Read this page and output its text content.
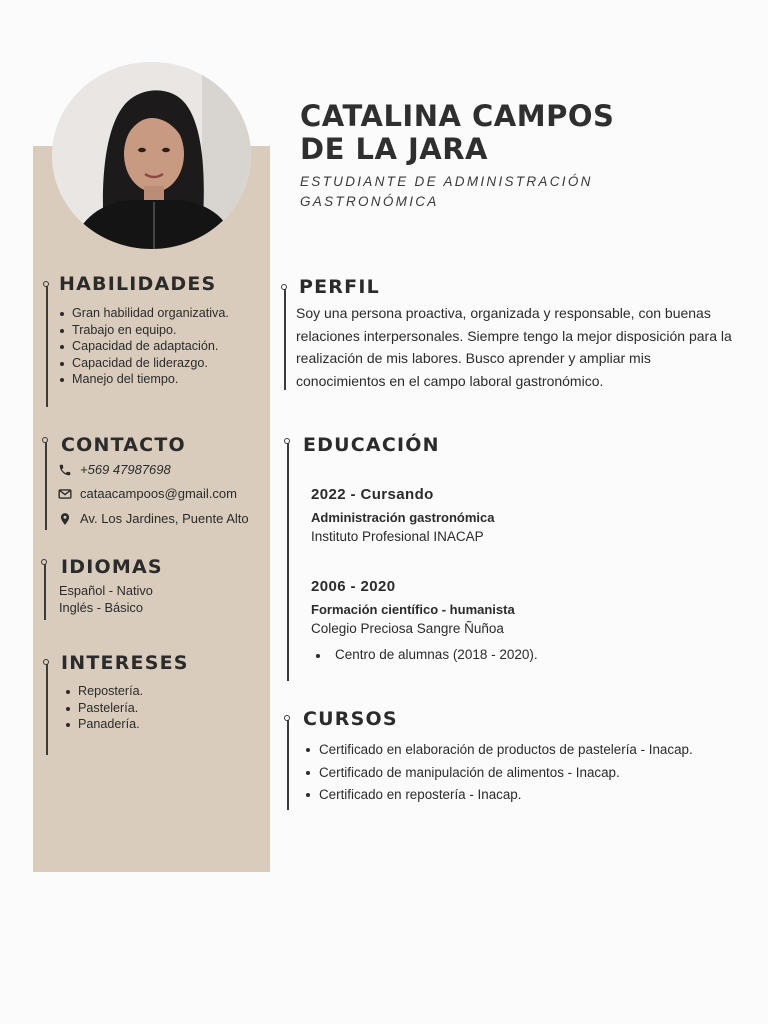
CATALINA CAMPOS
DE LA JARA
ESTUDIANTE DE ADMINISTRACIÓN
GASTRONÓMICA
HABILIDADES
Gran habilidad organizativa.
Trabajo en equipo.
Capacidad de adaptación.
Capacidad de liderazgo.
Manejo del tiempo.
CONTACTO
+569 47987698
cataacampoos@gmail.com
Av. Los Jardines, Puente Alto
IDIOMAS
Español - Nativo
Inglés - Básico
INTERESES
Repostería.
Pastelería.
Panadería.
PERFIL

Soy una persona proactiva, organizada y responsable, con buenas relaciones interpersonales. Siempre tengo la mejor disposición para la realización de mis labores. Busco aprender y ampliar mis conocimientos en el campo laboral gastronómico.

EDUCACIÓN
2022 - Cursando
Administración gastronómica
Instituto Profesional INACAP
2006 - 2020
Formación científico - humanista
Colegio Preciosa Sangre Ñuñoa
Centro de alumnas (2018 - 2020).
CURSOS
Certificado en elaboración de productos de pastelería - Inacap.
Certificado de manipulación de alimentos - Inacap.
Certificado en repostería - Inacap.
